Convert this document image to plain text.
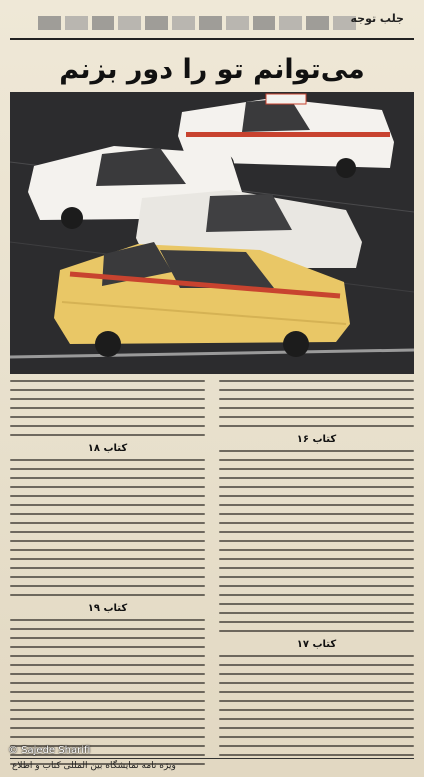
جلب توجه
می‌توانم تو را دور بزنم
کتاب ۱۶
کتاب ۱۷
کتاب ۱۸
کتاب ۱۹
ویژه نامه نمایشگاه بین المللی کتاب و اطلاع
© Sajede Sharifi
